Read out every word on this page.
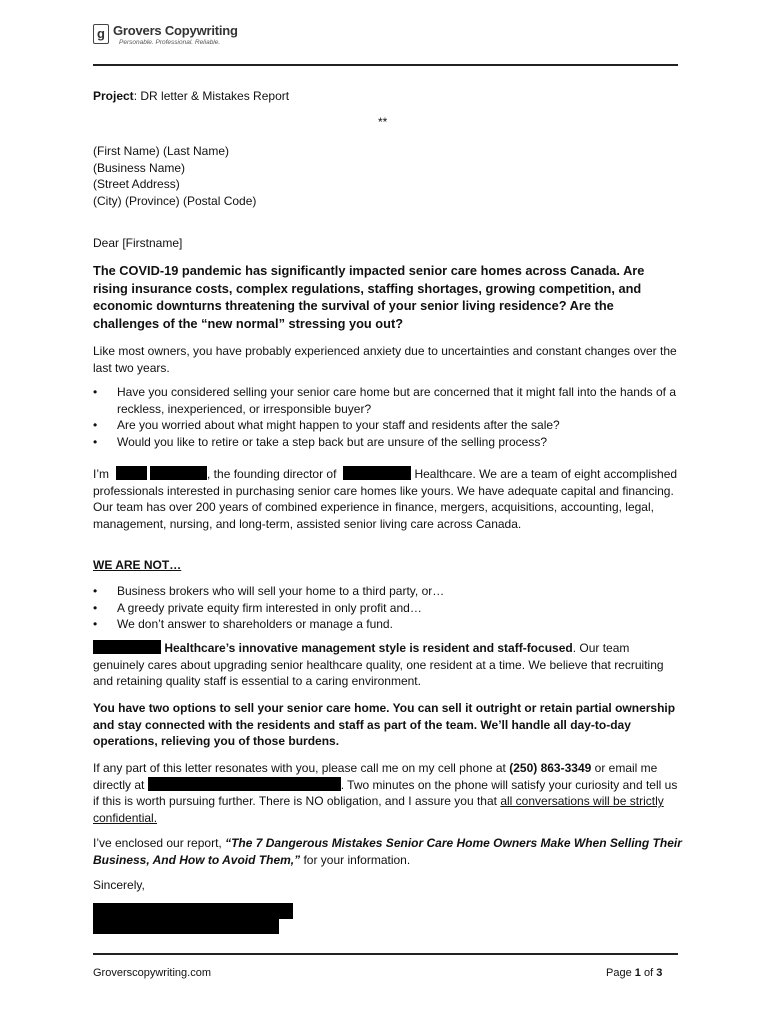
g Grovers Copywriting
Personable. Professional. Reliable.
Project: DR letter & Mistakes Report
**
(First Name) (Last Name)
(Business Name)
(Street Address)
(City) (Province) (Postal Code)
Dear [Firstname]
The COVID-19 pandemic has significantly impacted senior care homes across Canada. Are rising insurance costs, complex regulations, staffing shortages, growing competition, and economic downturns threatening the survival of your senior living residence? Are the challenges of the “new normal” stressing you out?
Like most owners, you have probably experienced anxiety due to uncertainties and constant changes over the last two years.
• Have you considered selling your senior care home but are concerned that it might fall into the hands of a reckless, inexperienced, or irresponsible buyer?
• Are you worried about what might happen to your staff and residents after the sale?
• Would you like to retire or take a step back but are unsure of the selling process?
I’m	, the founding director of	Healthcare. We are a team of eight accomplished professionals interested in purchasing senior care homes like yours. We have adequate capital and financing. Our team has over 200 years of combined experience in finance, mergers, acquisitions, accounting, legal, management, nursing, and long-term, assisted senior living care across Canada.
WE ARE NOT…
• Business brokers who will sell your home to a third party, or…
• A greedy private equity firm interested in only profit and…
• We don’t answer to shareholders or manage a fund.
Healthcare’s innovative management style is resident and staff-focused. Our team genuinely cares about upgrading senior healthcare quality, one resident at a time. We believe that recruiting and retaining quality staff is essential to a caring environment.
You have two options to sell your senior care home. You can sell it outright or retain partial ownership and stay connected with the residents and staff as part of the team. We’ll handle all day-to-day operations, relieving you of those burdens.
If any part of this letter resonates with you, please call me on my cell phone at (250) 863-3349 or email me directly at	. Two minutes on the phone will satisfy your curiosity and tell us if this is worth pursuing further. There is NO obligation, and I assure you that all conversations will be strictly confidential.
I’ve enclosed our report, “The 7 Dangerous Mistakes Senior Care Home Owners Make When Selling Their Business, And How to Avoid Them,” for your information.
Sincerely,
Groverscopywriting.com	Page 1 of 3
